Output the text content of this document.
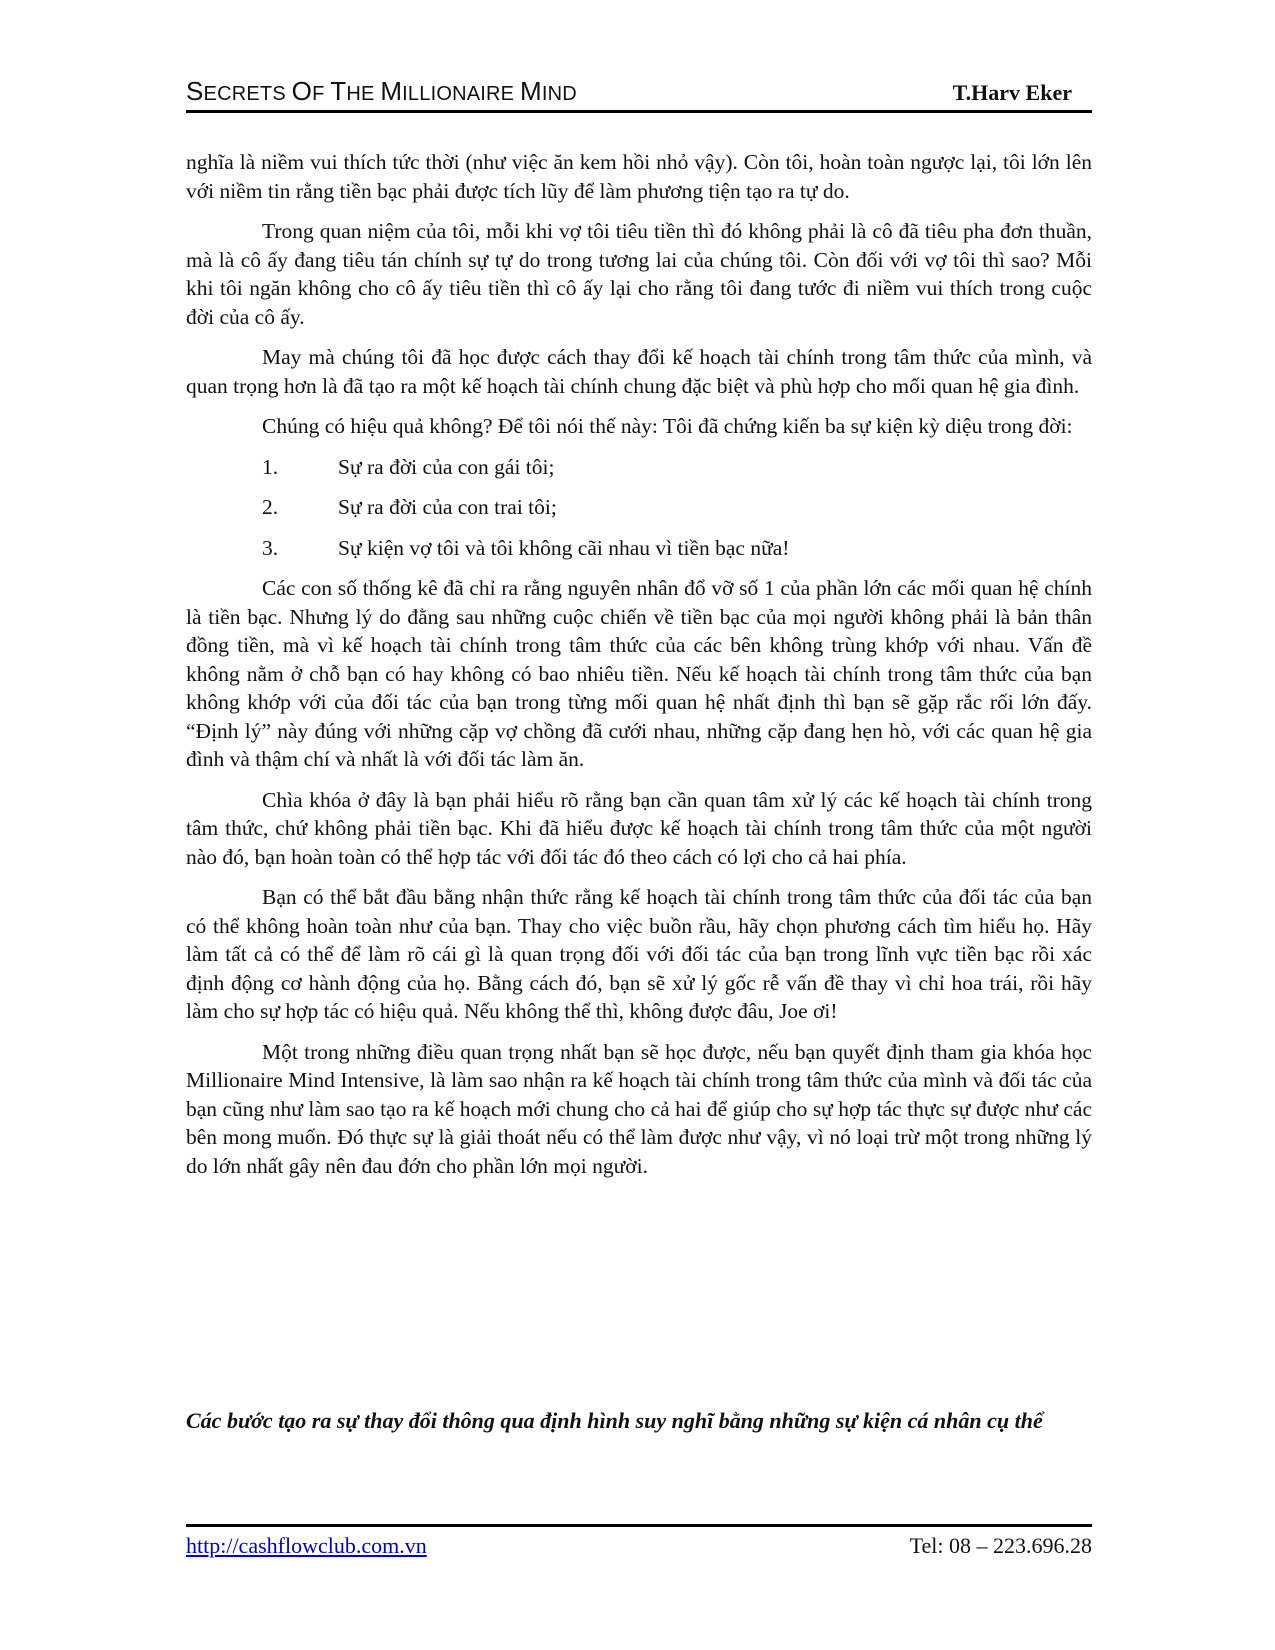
SECRETS OF THE MILLIONAIRE MIND	T.Harv Eker

nghĩa là niềm vui thích tức thời (như việc ăn kem hồi nhỏ vậy). Còn tôi, hoàn toàn ngược lại, tôi lớn lên với niềm tin rằng tiền bạc phải được tích lũy để làm phương tiện tạo ra tự do.

Trong quan niệm của tôi, mỗi khi vợ tôi tiêu tiền thì đó không phải là cô đã tiêu pha đơn thuần, mà là cô ấy đang tiêu tán chính sự tự do trong tương lai của chúng tôi. Còn đối với vợ tôi thì sao? Mỗi khi tôi ngăn không cho cô ấy tiêu tiền thì cô ấy lại cho rằng tôi đang tước đi niềm vui thích trong cuộc đời của cô ấy.

May mà chúng tôi đã học được cách thay đổi kế hoạch tài chính trong tâm thức của mình, và quan trọng hơn là đã tạo ra một kế hoạch tài chính chung đặc biệt và phù hợp cho mối quan hệ gia đình.

Chúng có hiệu quả không? Để tôi nói thế này: Tôi đã chứng kiến ba sự kiện kỳ diệu trong đời:

1.	Sự ra đời của con gái tôi;
2.	Sự ra đời của con trai tôi;
3.	Sự kiện vợ tôi và tôi không cãi nhau vì tiền bạc nữa!

Các con số thống kê đã chỉ ra rằng nguyên nhân đổ vỡ số 1 của phần lớn các mối quan hệ chính là tiền bạc. Nhưng lý do đằng sau những cuộc chiến về tiền bạc của mọi người không phải là bản thân đồng tiền, mà vì kế hoạch tài chính trong tâm thức của các bên không trùng khớp với nhau. Vấn đề không nằm ở chỗ bạn có hay không có bao nhiêu tiền. Nếu kế hoạch tài chính trong tâm thức của bạn không khớp với của đối tác của bạn trong từng mối quan hệ nhất định thì bạn sẽ gặp rắc rối lớn đấy. “Định lý” này đúng với những cặp vợ chồng đã cưới nhau, những cặp đang hẹn hò, với các quan hệ gia đình và thậm chí và nhất là với đối tác làm ăn.

Chìa khóa ở đây là bạn phải hiểu rõ rằng bạn cần quan tâm xử lý các kế hoạch tài chính trong tâm thức, chứ không phải tiền bạc. Khi đã hiểu được kế hoạch tài chính trong tâm thức của một người nào đó, bạn hoàn toàn có thể hợp tác với đối tác đó theo cách có lợi cho cả hai phía.

Bạn có thể bắt đầu bằng nhận thức rằng kế hoạch tài chính trong tâm thức của đối tác của bạn có thể không hoàn toàn như của bạn. Thay cho việc buồn rầu, hãy chọn phương cách tìm hiểu họ. Hãy làm tất cả có thể để làm rõ cái gì là quan trọng đối với đối tác của bạn trong lĩnh vực tiền bạc rồi xác định động cơ hành động của họ. Bằng cách đó, bạn sẽ xử lý gốc rễ vấn đề thay vì chỉ hoa trái, rồi hãy làm cho sự hợp tác có hiệu quả. Nếu không thể thì, không được đâu, Joe ơi!

Một trong những điều quan trọng nhất bạn sẽ học được, nếu bạn quyết định tham gia khóa học Millionaire Mind Intensive, là làm sao nhận ra kế hoạch tài chính trong tâm thức của mình và đối tác của bạn cũng như làm sao tạo ra kế hoạch mới chung cho cả hai để giúp cho sự hợp tác thực sự được như các bên mong muốn. Đó thực sự là giải thoát nếu có thể làm được như vậy, vì nó loại trừ một trong những lý do lớn nhất gây nên đau đớn cho phần lớn mọi người.

Các bước tạo ra sự thay đổi thông qua định hình suy nghĩ bằng những sự kiện cá nhân cụ thể
http://cashflowclub.com.vn	Tel: 08 – 223.696.28
